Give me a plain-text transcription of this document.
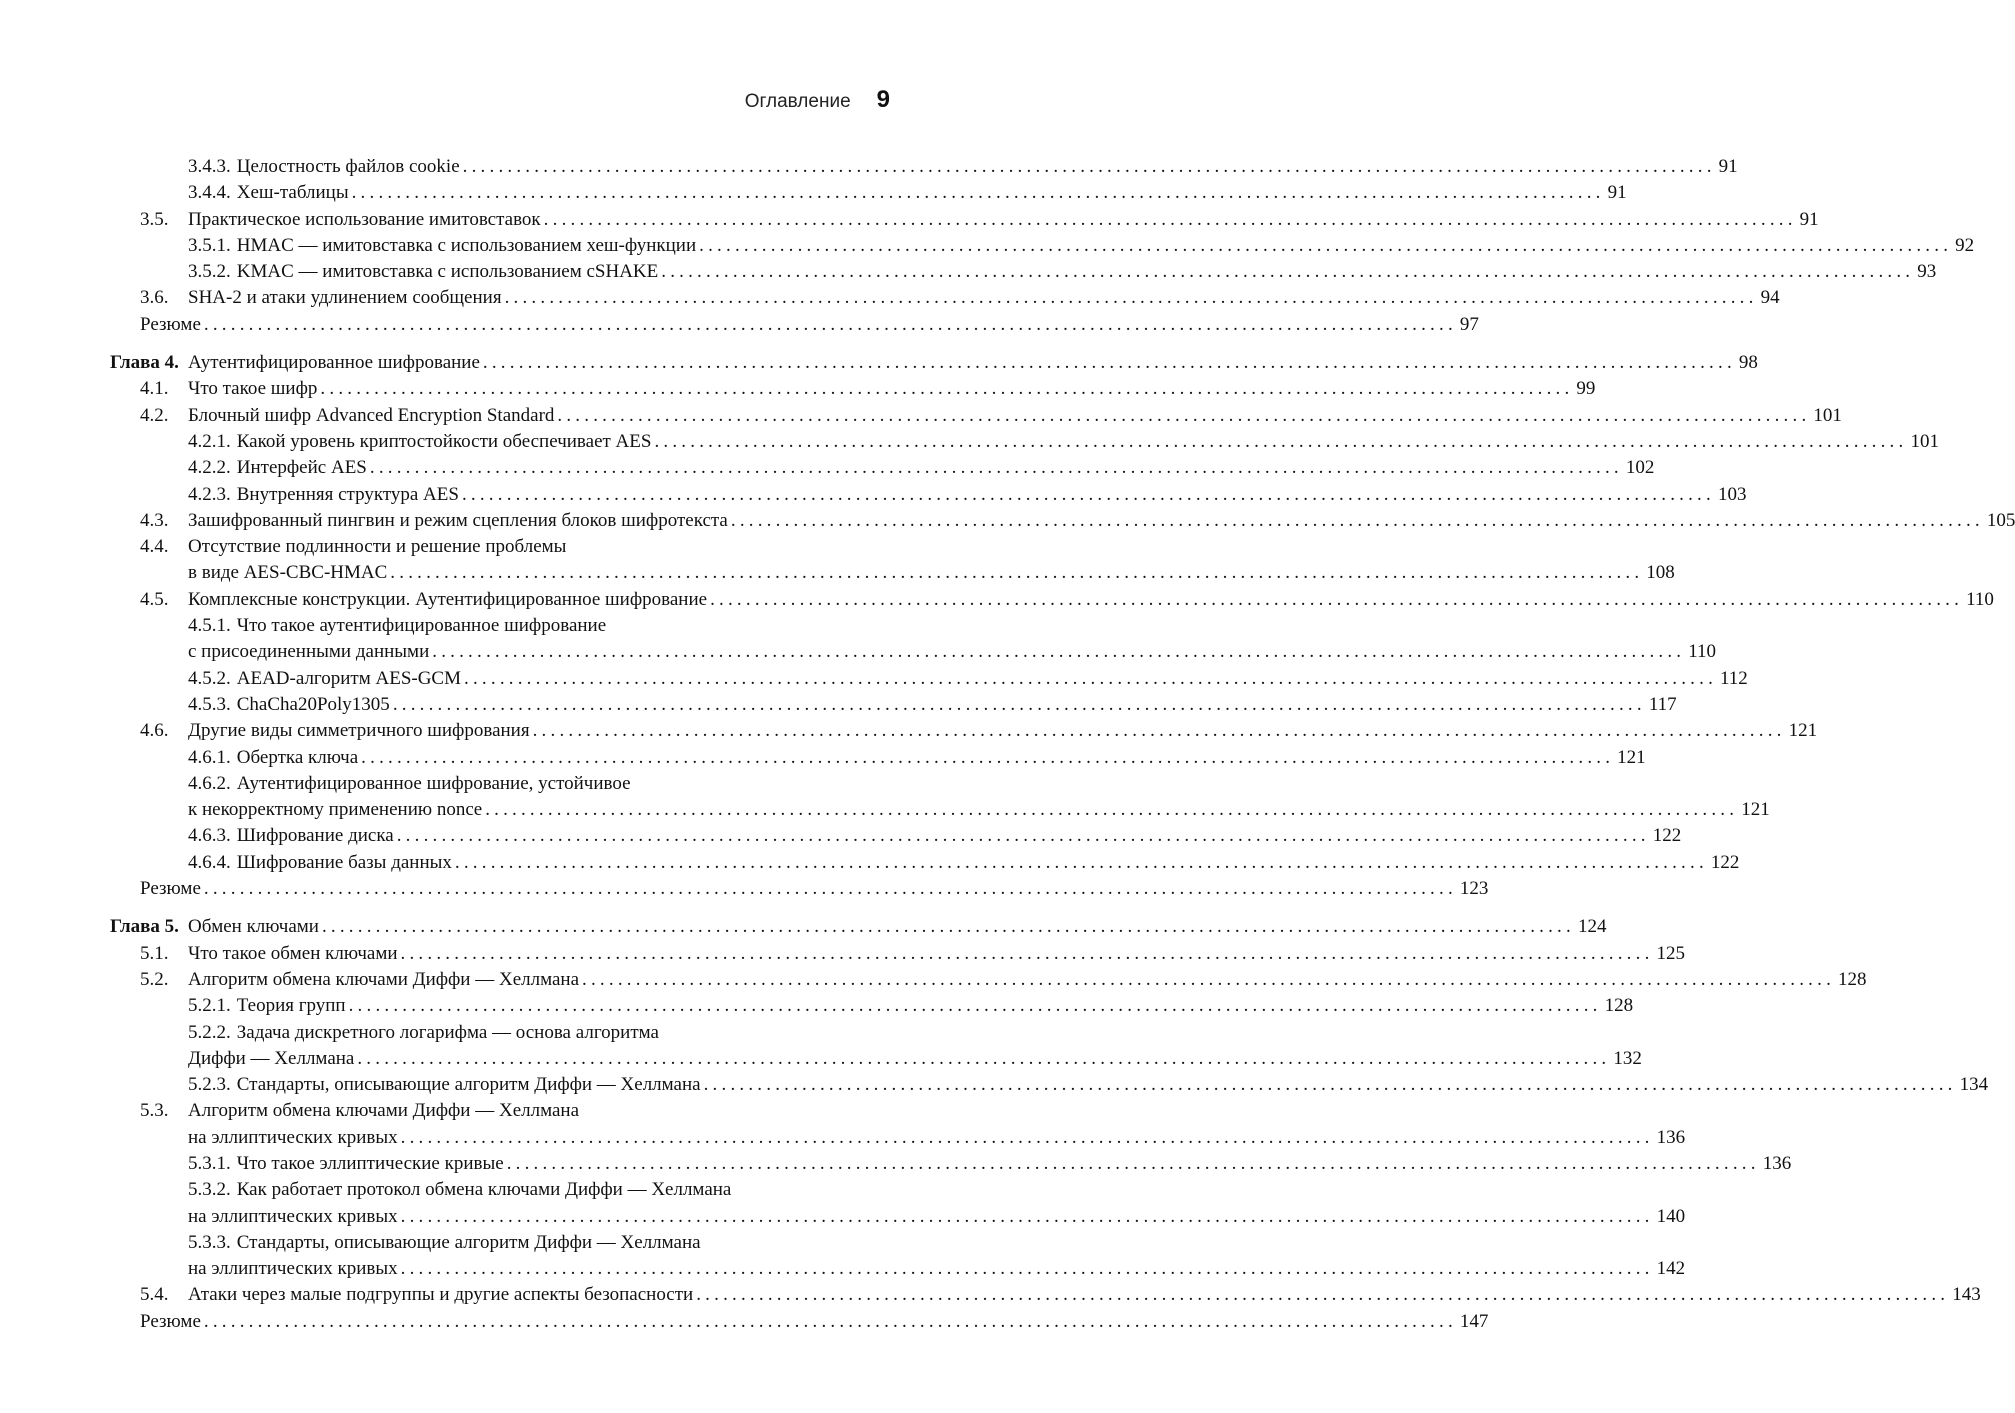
Оглавление 9
3.4.3. Целостность файлов cookie ............................................................................................................................................ 91
3.4.4. Хеш-таблицы ............................................................................................................................................ 91
3.5. Практическое использование имитовставок ............................................................................................................................................ 91
3.5.1. HMAC — имитовставка с использованием хеш-функции ............................................................................................................................................ 92
3.5.2. KMAC — имитовставка с использованием cSHAKE ............................................................................................................................................ 93
3.6. SHA-2 и атаки удлинением сообщения ............................................................................................................................................ 94
Резюме ............................................................................................................................................ 97
Глава 4. Аутентифицированное шифрование ............................................................................................................................................ 98
4.1. Что такое шифр ............................................................................................................................................ 99
4.2. Блочный шифр Advanced Encryption Standard ............................................................................................................................................ 101
4.2.1. Какой уровень криптостойкости обеспечивает AES ............................................................................................................................................ 101
4.2.2. Интерфейс AES ............................................................................................................................................ 102
4.2.3. Внутренняя структура AES ............................................................................................................................................ 103
4.3. Зашифрованный пингвин и режим сцепления блоков шифротекста ............................................................................................................................................ 105
4.4. Отсутствие подлинности и решение проблемы
в виде AES-CBC-HMAC ............................................................................................................................................ 108
4.5. Комплексные конструкции. Аутентифицированное шифрование ............................................................................................................................................ 110
4.5.1. Что такое аутентифицированное шифрование
с присоединенными данными ............................................................................................................................................ 110
4.5.2. AEAD-алгоритм AES-GCM ............................................................................................................................................ 112
4.5.3. ChaCha20Poly1305 ............................................................................................................................................ 117
4.6. Другие виды симметричного шифрования ............................................................................................................................................ 121
4.6.1. Обертка ключа ............................................................................................................................................ 121
4.6.2. Аутентифицированное шифрование, устойчивое
к некорректному применению nonce ............................................................................................................................................ 121
4.6.3. Шифрование диска ............................................................................................................................................ 122
4.6.4. Шифрование базы данных ............................................................................................................................................ 122
Резюме ............................................................................................................................................ 123
Глава 5. Обмен ключами ............................................................................................................................................ 124
5.1. Что такое обмен ключами ............................................................................................................................................ 125
5.2. Алгоритм обмена ключами Диффи — Хеллмана ............................................................................................................................................ 128
5.2.1. Теория групп ............................................................................................................................................ 128
5.2.2. Задача дискретного логарифма — основа алгоритма
Диффи — Хеллмана ............................................................................................................................................ 132
5.2.3. Стандарты, описывающие алгоритм Диффи — Хеллмана ............................................................................................................................................ 134
5.3. Алгоритм обмена ключами Диффи — Хеллмана
на эллиптических кривых ............................................................................................................................................ 136
5.3.1. Что такое эллиптические кривые ............................................................................................................................................ 136
5.3.2. Как работает протокол обмена ключами Диффи — Хеллмана
на эллиптических кривых ............................................................................................................................................ 140
5.3.3. Стандарты, описывающие алгоритм Диффи — Хеллмана
на эллиптических кривых ............................................................................................................................................ 142
5.4. Атаки через малые подгруппы и другие аспекты безопасности ............................................................................................................................................ 143
Резюме ............................................................................................................................................ 147
